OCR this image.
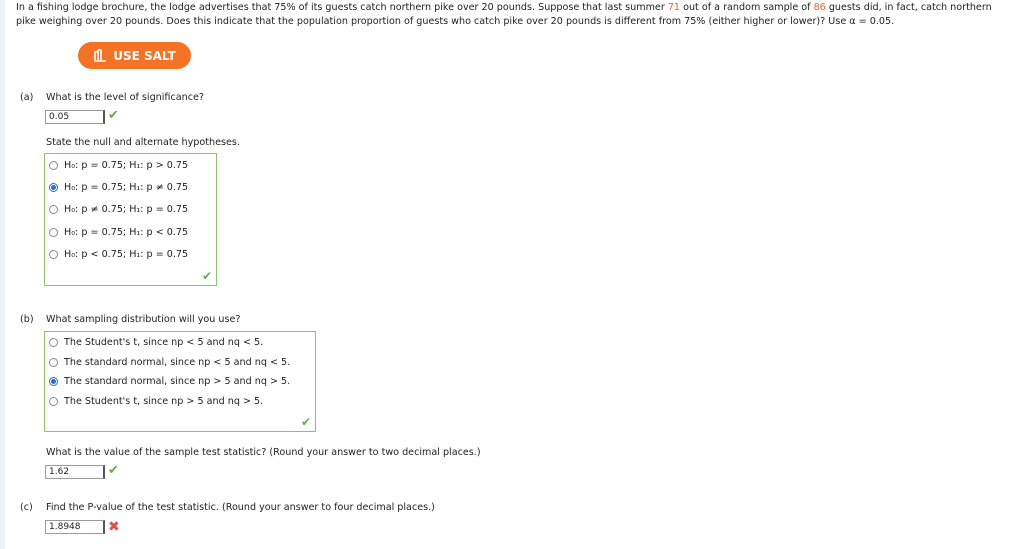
In a fishing lodge brochure, the lodge advertises that 75% of its guests catch northern pike over 20 pounds. Suppose that last summer 71 out of a random sample of 86 guests did, in fact, catch northern
pike weighing over 20 pounds. Does this indicate that the population proportion of guests who catch pike over 20 pounds is different from 75% (either higher or lower)? Use α = 0.05.
USE SALT
(a) What is the level of significance?
0.05	✔
State the null and alternate hypotheses.
H₀: p = 0.75; H₁: p > 0.75
H₀: p = 0.75; H₁: p ≠ 0.75
H₀: p ≠ 0.75; H₁: p = 0.75
H₀: p = 0.75; H₁: p < 0.75
H₀: p < 0.75; H₁: p = 0.75
✔
(b) What sampling distribution will you use?
The Student's t, since np < 5 and nq < 5.
The standard normal, since np < 5 and nq < 5.
The standard normal, since np > 5 and nq > 5.
The Student's t, since np > 5 and nq > 5.
✔
What is the value of the sample test statistic? (Round your answer to two decimal places.)
1.62	✔
(c) Find the P-value of the test statistic. (Round your answer to four decimal places.)
1.8948	✖
